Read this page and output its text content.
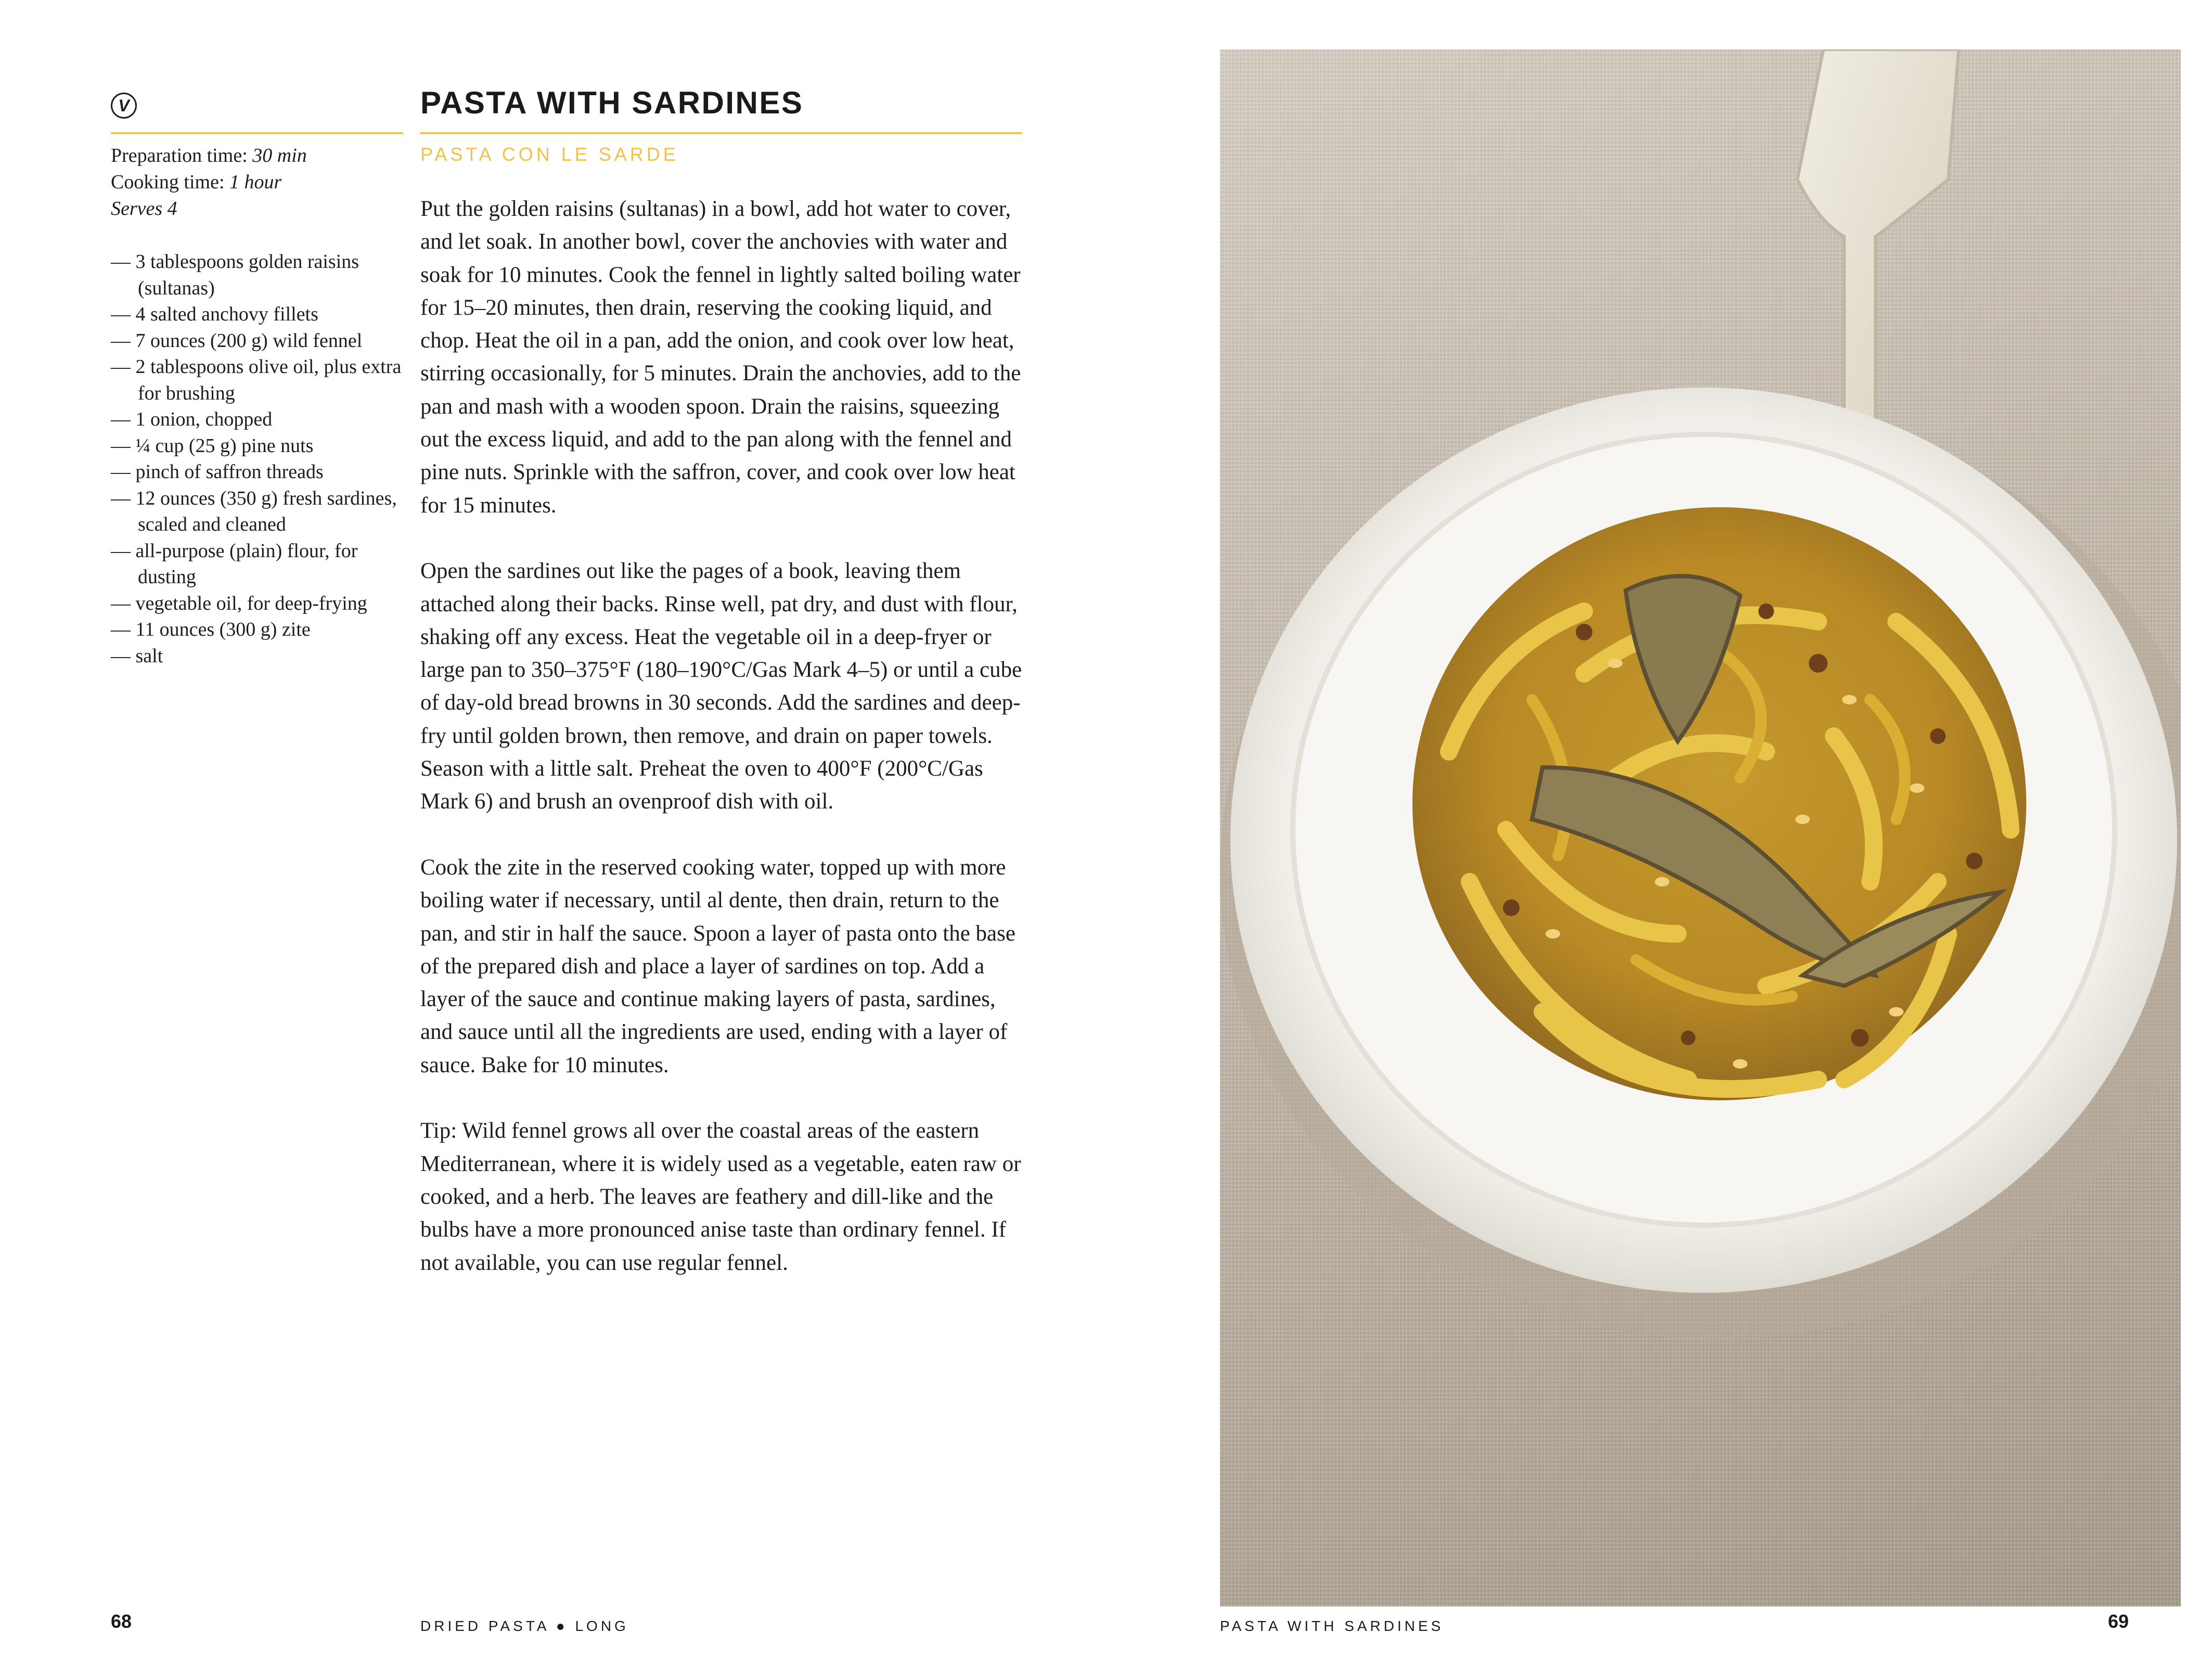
V	PASTA WITH SARDINES
PASTA CON LE SARDE
Preparation time: 30 min
Cooking time: 1 hour
Serves 4
— 3 tablespoons golden raisins (sultanas)
— 4 salted anchovy fillets
— 7 ounces (200 g) wild fennel
— 2 tablespoons olive oil, plus extra for brushing
— 1 onion, chopped
— ¼ cup (25 g) pine nuts
— pinch of saffron threads
— 12 ounces (350 g) fresh sardines, scaled and cleaned
— all-purpose (plain) flour, for dusting
— vegetable oil, for deep-frying
— 11 ounces (300 g) zite
— salt

Put the golden raisins (sultanas) in a bowl, add hot water to cover, and let soak. In another bowl, cover the anchovies with water and soak for 10 minutes. Cook the fennel in lightly salted boiling water for 15–20 minutes, then drain, reserving the cooking liquid, and chop. Heat the oil in a pan, add the onion, and cook over low heat, stirring occasionally, for 5 minutes. Drain the anchovies, add to the pan and mash with a wooden spoon. Drain the raisins, squeezing out the excess liquid, and add to the pan along with the fennel and pine nuts. Sprinkle with the saffron, cover, and cook over low heat for 15 minutes.

Open the sardines out like the pages of a book, leaving them attached along their backs. Rinse well, pat dry, and dust with flour, shaking off any excess. Heat the vegetable oil in a deep-fryer or large pan to 350–375°F (180–190°C/Gas Mark 4–5) or until a cube of day-old bread browns in 30 seconds. Add the sardines and deep-fry until golden brown, then remove, and drain on paper towels. Season with a little salt. Preheat the oven to 400°F (200°C/Gas Mark 6) and brush an ovenproof dish with oil.

Cook the zite in the reserved cooking water, topped up with more boiling water if necessary, until al dente, then drain, return to the pan, and stir in half the sauce. Spoon a layer of pasta onto the base of the prepared dish and place a layer of sardines on top. Add a layer of the sauce and continue making layers of pasta, sardines, and sauce until all the ingredients are used, ending with a layer of sauce. Bake for 10 minutes.

Tip: Wild fennel grows all over the coastal areas of the eastern Mediterranean, where it is widely used as a vegetable, eaten raw or cooked, and a herb. The leaves are feathery and dill-like and the bulbs have a more pronounced anise taste than ordinary fennel. If not available, you can use regular fennel.

68	DRIED PASTA ● LONG	PASTA WITH SARDINES	69
